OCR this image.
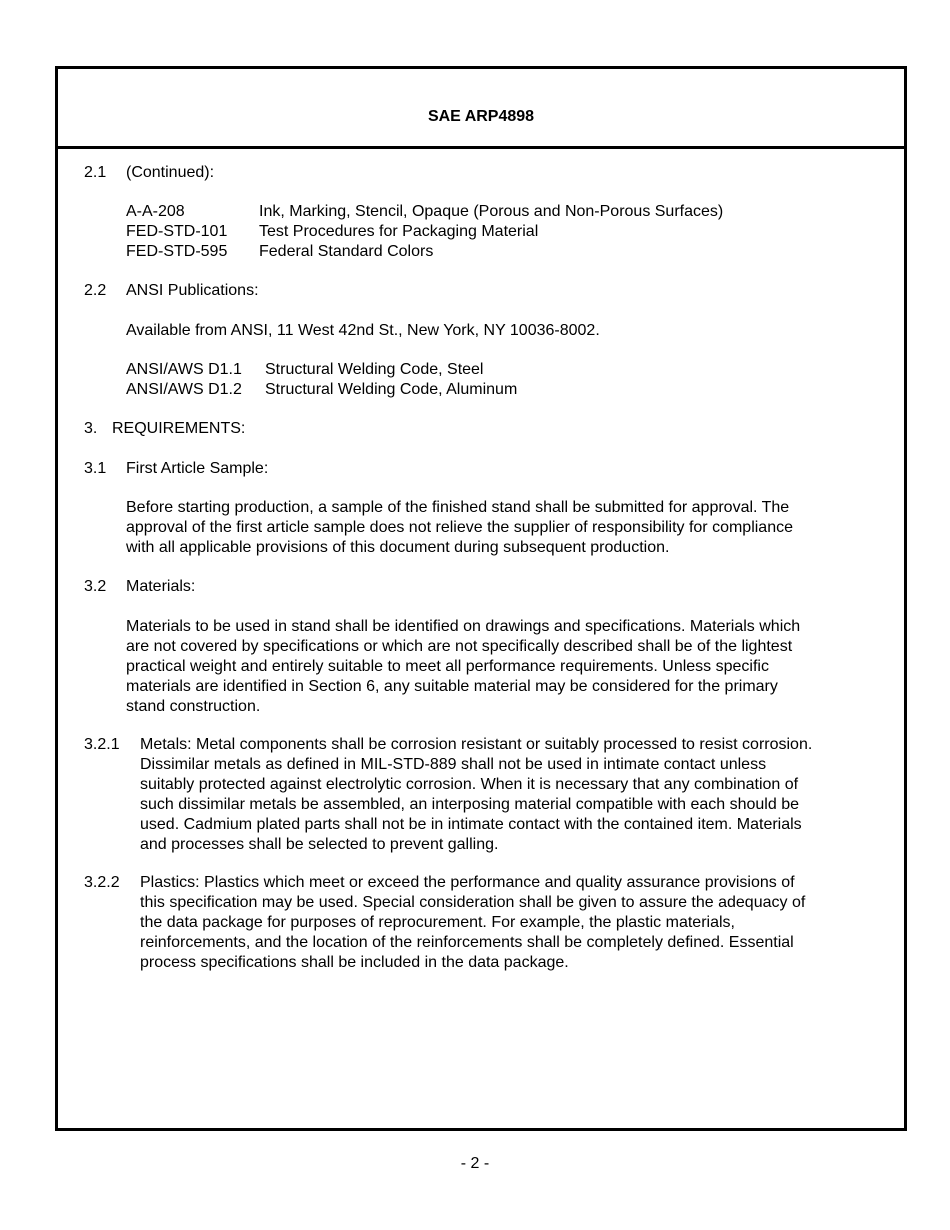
SAE ARP4898
2.1 (Continued):
A-A-208	Ink, Marking, Stencil, Opaque (Porous and Non-Porous Surfaces)
FED-STD-101 Test Procedures for Packaging Material
FED-STD-595 Federal Standard Colors
2.2 ANSI Publications:
Available from ANSI, 11 West 42nd St., New York, NY 10036-8002.
ANSI/AWS D1.1 Structural Welding Code, Steel
ANSI/AWS D1.2 Structural Welding Code, Aluminum
3. REQUIREMENTS:
3.1 First Article Sample:
Before starting production, a sample of the finished stand shall be submitted for approval. The
approval of the first article sample does not relieve the supplier of responsibility for compliance
with all applicable provisions of this document during subsequent production.
3.2 Materials:
Materials to be used in stand shall be identified on drawings and specifications. Materials which
are not covered by specifications or which are not specifically described shall be of the lightest
practical weight and entirely suitable to meet all performance requirements. Unless specific
materials are identified in Section 6, any suitable material may be considered for the primary
stand construction.
3.2.1 Metals: Metal components shall be corrosion resistant or suitably processed to resist corrosion.
Dissimilar metals as defined in MIL-STD-889 shall not be used in intimate contact unless
suitably protected against electrolytic corrosion. When it is necessary that any combination of
such dissimilar metals be assembled, an interposing material compatible with each should be
used. Cadmium plated parts shall not be in intimate contact with the contained item. Materials
and processes shall be selected to prevent galling.
3.2.2 Plastics: Plastics which meet or exceed the performance and quality assurance provisions of
this specification may be used. Special consideration shall be given to assure the adequacy of
the data package for purposes of reprocurement. For example, the plastic materials,
reinforcements, and the location of the reinforcements shall be completely defined. Essential
process specifications shall be included in the data package.
- 2 -
